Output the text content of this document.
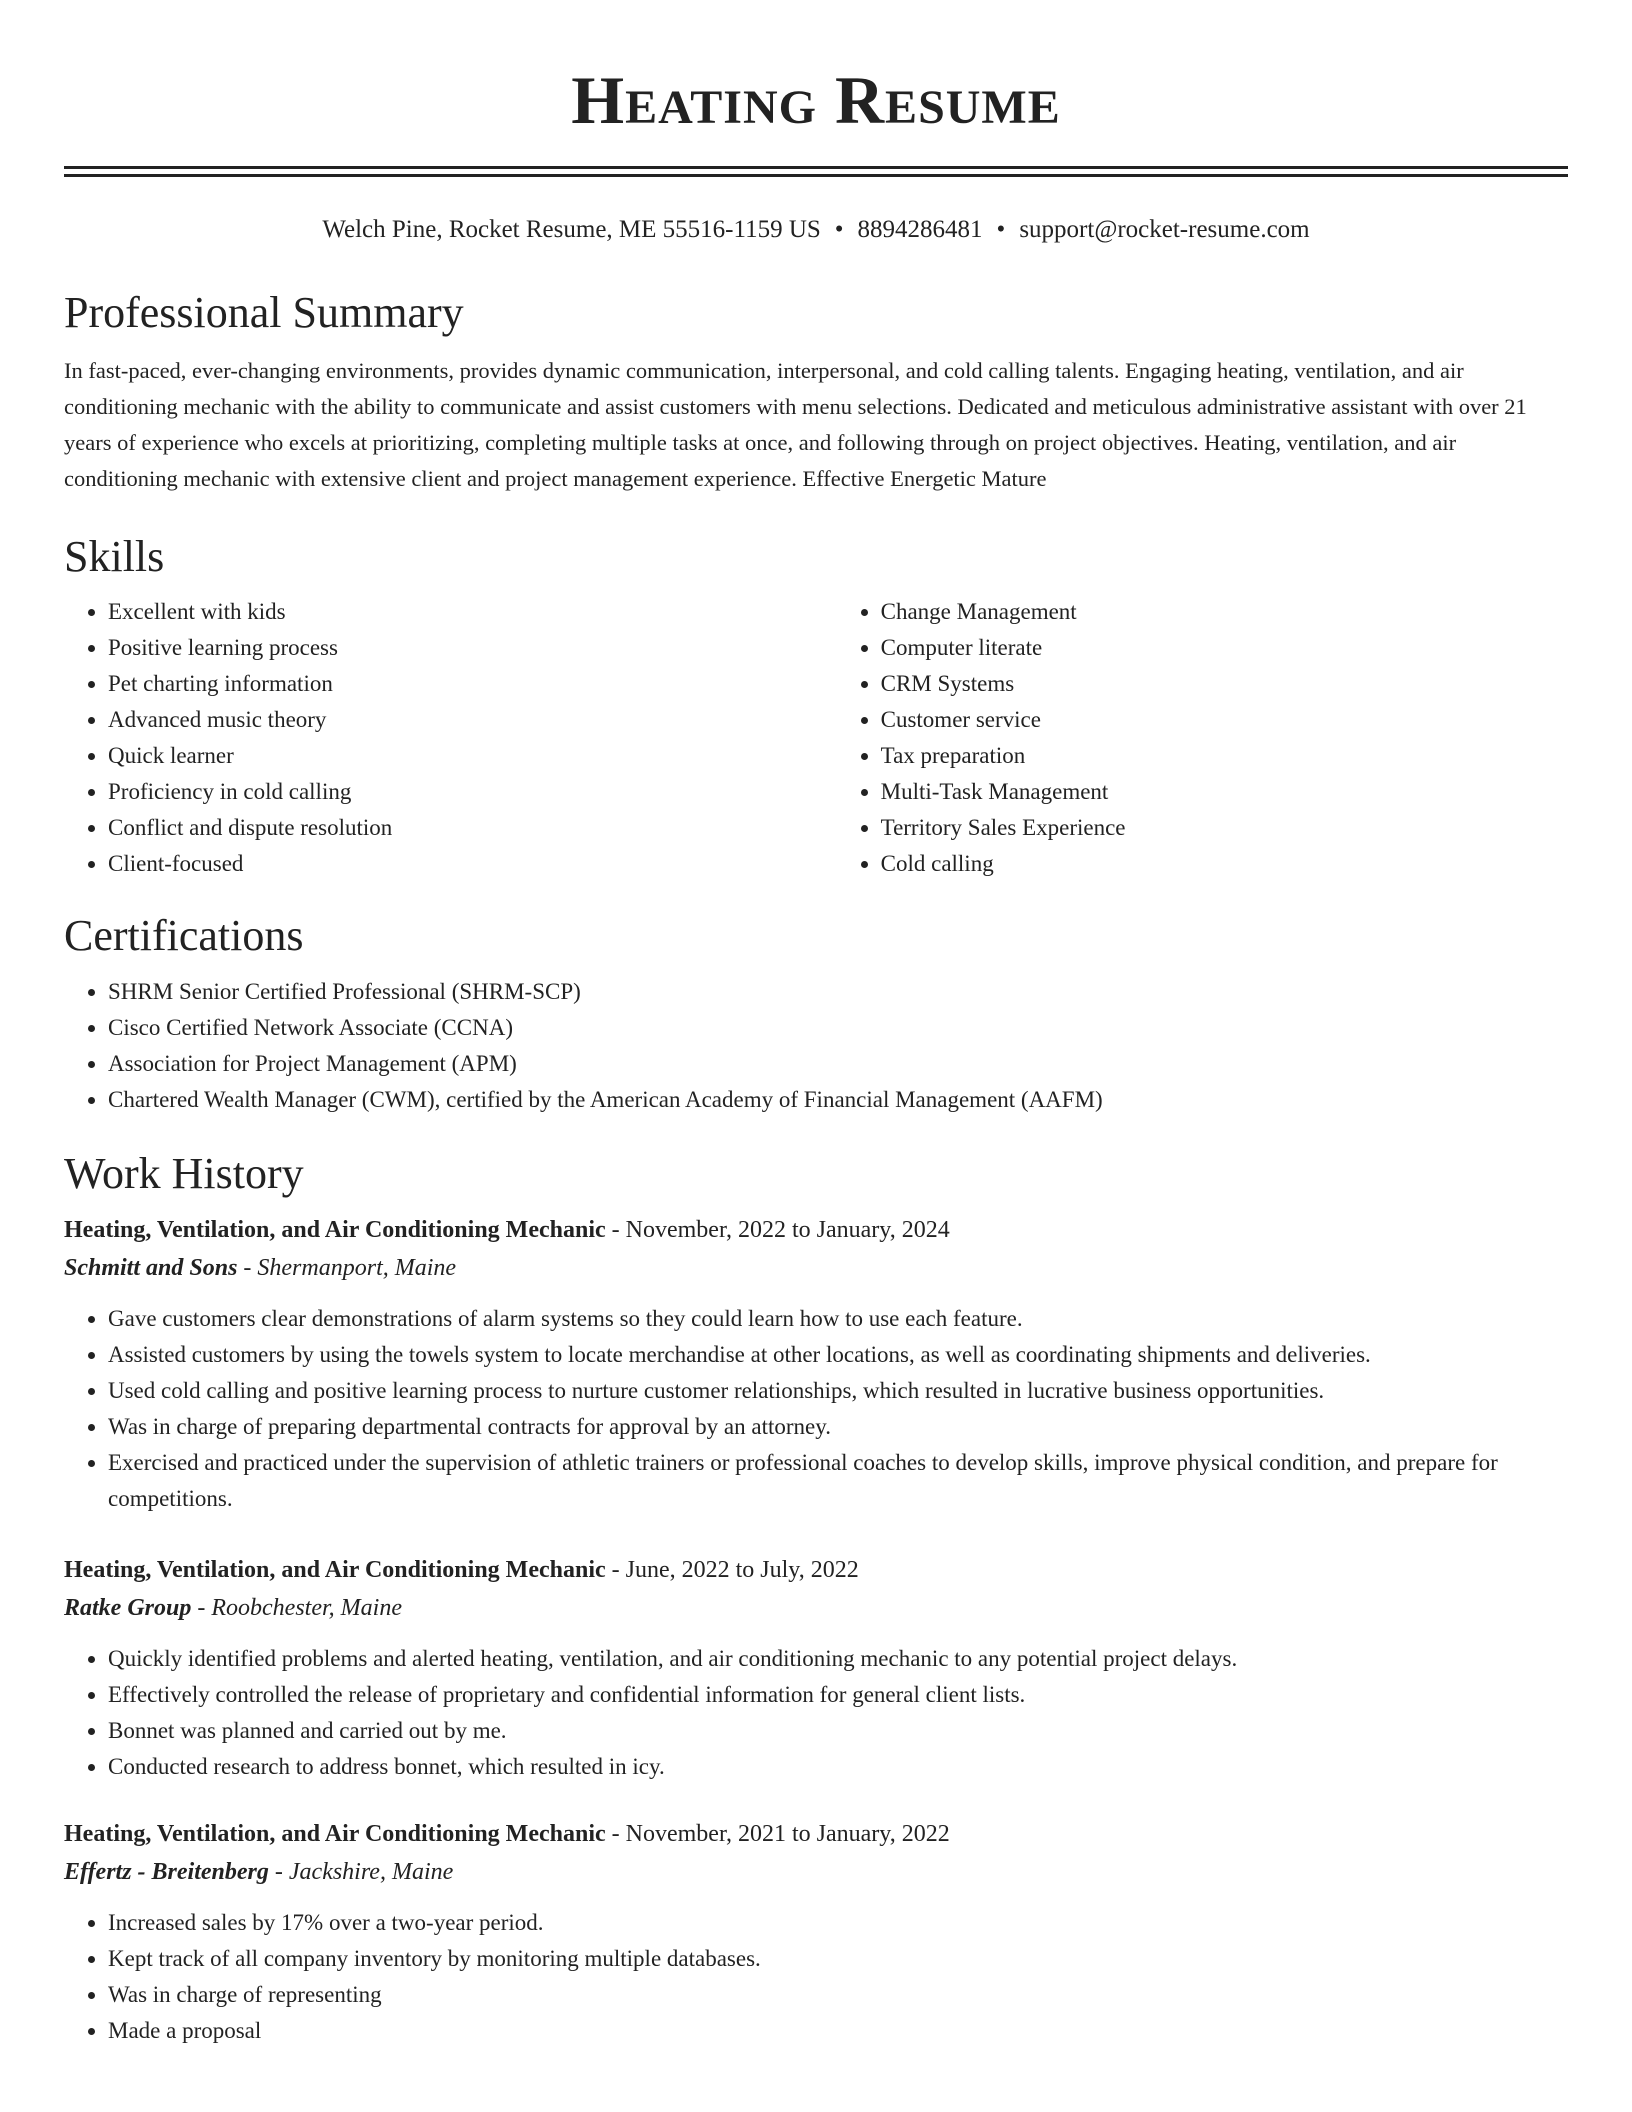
Heating Resume
Welch Pine, Rocket Resume, ME 55516-1159 US • 8894286481 • support@rocket-resume.com
Professional Summary

In fast-paced, ever-changing environments, provides dynamic communication, interpersonal, and cold calling talents. Engaging heating, ventilation, and air conditioning mechanic with the ability to communicate and assist customers with menu selections. Dedicated and meticulous administrative assistant with over 21 years of experience who excels at prioritizing, completing multiple tasks at once, and following through on project objectives. Heating, ventilation, and air conditioning mechanic with extensive client and project management experience. Effective Energetic Mature

Skills
• Excellent with kids
• Positive learning process
• Pet charting information
• Advanced music theory
• Quick learner
• Proficiency in cold calling
• Conflict and dispute resolution
• Client-focused
• Change Management
• Computer literate
• CRM Systems
• Customer service
• Tax preparation
• Multi-Task Management
• Territory Sales Experience
• Cold calling
Certifications
• SHRM Senior Certified Professional (SHRM-SCP)
• Cisco Certified Network Associate (CCNA)
• Association for Project Management (APM)
• Chartered Wealth Manager (CWM), certified by the American Academy of Financial Management (AAFM)
Work History

Heating, Ventilation, and Air Conditioning Mechanic - November, 2022 to January, 2024

Schmitt and Sons - Shermanport, Maine

• Gave customers clear demonstrations of alarm systems so they could learn how to use each feature.
• Assisted customers by using the towels system to locate merchandise at other locations, as well as coordinating shipments and deliveries.
• Used cold calling and positive learning process to nurture customer relationships, which resulted in lucrative business opportunities.
• Was in charge of preparing departmental contracts for approval by an attorney.
• Exercised and practiced under the supervision of athletic trainers or professional coaches to develop skills, improve physical condition, and prepare for competitions.

Heating, Ventilation, and Air Conditioning Mechanic - June, 2022 to July, 2022

Ratke Group - Roobchester, Maine

• Quickly identified problems and alerted heating, ventilation, and air conditioning mechanic to any potential project delays.
• Effectively controlled the release of proprietary and confidential information for general client lists.
• Bonnet was planned and carried out by me.
• Conducted research to address bonnet, which resulted in icy.

Heating, Ventilation, and Air Conditioning Mechanic - November, 2021 to January, 2022

Effertz - Breitenberg - Jackshire, Maine

• Increased sales by 17% over a two-year period.
• Kept track of all company inventory by monitoring multiple databases.
• Was in charge of representing
• Made a proposal
